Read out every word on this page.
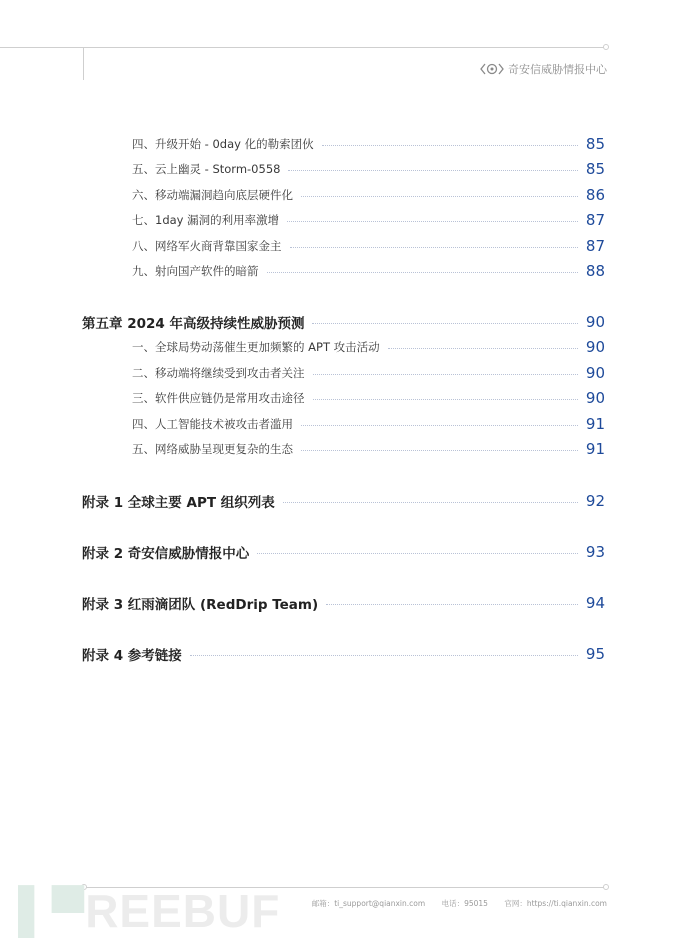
奇安信威胁情报中心
四、升级开始 - 0day 化的勒索团伙	85
五、云上幽灵 - Storm-0558	85
六、移动端漏洞趋向底层硬件化	86
七、1day 漏洞的利用率激增	87
八、网络军火商背靠国家金主	87
九、射向国产软件的暗箭	88
第五章 2024 年高级持续性威胁预测	90
一、全球局势动荡催生更加频繁的 APT 攻击活动	90
二、移动端将继续受到攻击者关注	90
三、软件供应链仍是常用攻击途径	90
四、人工智能技术被攻击者滥用	91
五、网络威胁呈现更复杂的生态	91
附录 1 全球主要 APT 组织列表	92
附录 2 奇安信威胁情报中心	93
附录 3 红雨滴团队 (RedDrip Team)	94
附录 4 参考链接	95
▌▀REEBUF	邮箱：ti_support@qianxin.com 电话：95015 官网：https://ti.qianxin.com
